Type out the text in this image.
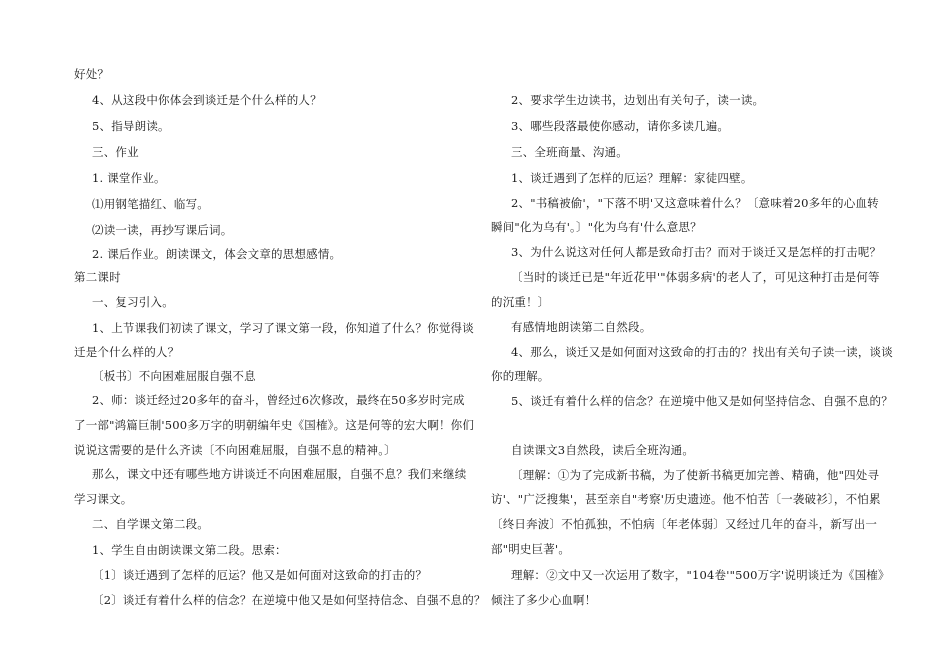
好处？
4、从这段中你体会到谈迁是个什么样的人？
5、指导朗读。
三、作业
1. 课堂作业。
⑴用钢笔描红、临写。
⑵读一读，再抄写课后词。
2. 课后作业。朗读课文，体会文章的思想感情。
第二课时
一、复习引入。
1、上节课我们初读了课文，学习了课文第一段，你知道了什么？你觉得谈
迁是个什么样的人？
〔板书〕不向困难屈服自强不息
2、师：谈迁经过20多年的奋斗，曾经过6次修改，最终在50多岁时完成
了一部"鸿篇巨制'500多万字的明朝编年史《国榷》。这是何等的宏大啊！你们
说说这需要的是什么齐读〔不向困难屈服，自强不息的精神。〕
那么，课文中还有哪些地方讲谈迁不向困难屈服，自强不息？我们来继续
学习课文。
二、自学课文第二段。
1、学生自由朗读课文第二段。思索：
〔1〕谈迁遇到了怎样的厄运？他又是如何面对这致命的打击的？
〔2〕谈迁有着什么样的信念？在逆境中他又是如何坚持信念、自强不息的？
2、要求学生边读书，边划出有关句子，读一读。
3、哪些段落最使你感动，请你多读几遍。
三、全班商量、沟通。
1、谈迁遇到了怎样的厄运？理解：家徒四壁。
2、"书稿被偷'，"下落不明'又这意味着什么？〔意味着20多年的心血转
瞬间"化为乌有'。〕"化为乌有'什么意思？
3、为什么说这对任何人都是致命打击？而对于谈迁又是怎样的打击呢？
〔当时的谈迁已是"年近花甲'"体弱多病'的老人了，可见这种打击是何等
的沉重！〕
有感情地朗读第二自然段。
4、那么，谈迁又是如何面对这致命的打击的？找出有关句子读一读，谈谈
你的理解。
5、谈迁有着什么样的信念？在逆境中他又是如何坚持信念、自强不息的？
自读课文3自然段，读后全班沟通。
〔理解：①为了完成新书稿，为了使新书稿更加完善、精确，他"四处寻
访'、"广泛搜集'，甚至亲自"考察'历史遗迹。他不怕苦〔一袭破衫〕，不怕累
〔终日奔波〕不怕孤独，不怕病〔年老体弱〕又经过几年的奋斗，新写出一
部"明史巨著'。
理解：②文中又一次运用了数字，"104卷'"500万字'说明谈迁为《国榷》
倾注了多少心血啊！
